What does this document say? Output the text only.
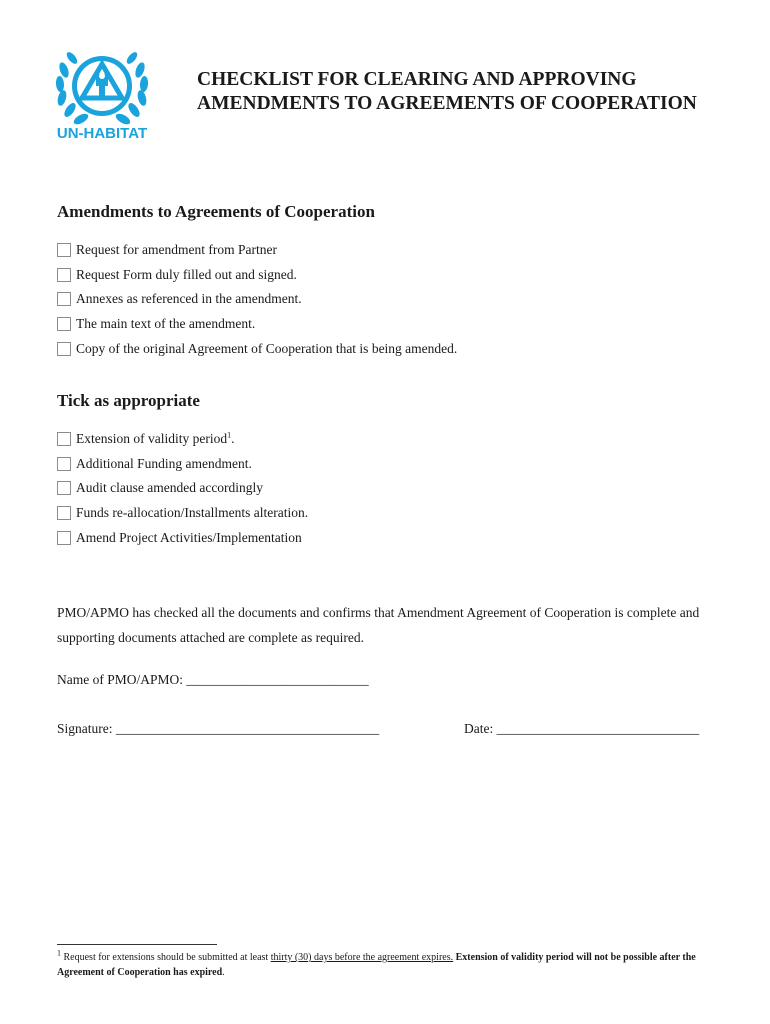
UN-HABITAT
CHECKLIST FOR CLEARING AND APPROVING AMENDMENTS TO AGREEMENTS OF COOPERATION
Amendments to Agreements of Cooperation
Request for amendment from Partner
Request Form duly filled out and signed.
Annexes as referenced in the amendment.
The main text of the amendment.
Copy of the original Agreement of Cooperation that is being amended.
Tick as appropriate
Extension of validity period$^1$.
Additional Funding amendment.
Audit clause amended accordingly
Funds re-allocation/Installments alteration.
Amend Project Activities/Implementation

PMO/APMO has checked all the documents and confirms that Amendment Agreement of Cooperation is complete and supporting documents attached are complete as required.

Name of PMO/APMO: ___________________________

Signature: _______________________________________	Date: ______________________________

$^1$ Request for extensions should be submitted at least thirty (30) days before the agreement expires. Extension of validity period will not be possible after the Agreement of Cooperation has expired.
